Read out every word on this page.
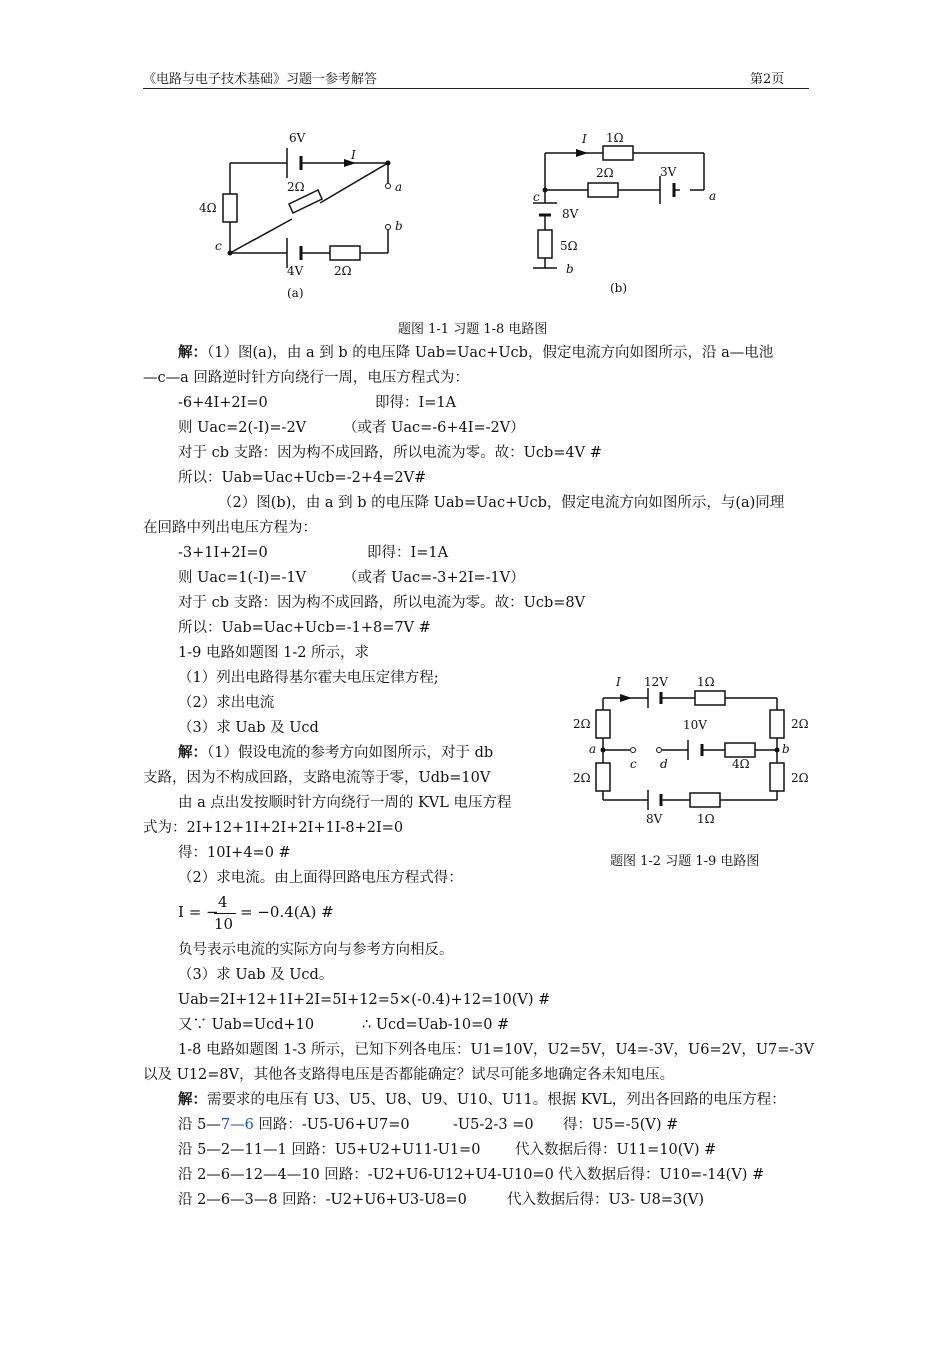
《电路与电子技术基础》习题一参考解答	第2页
6V
I
2Ω	a
4Ω
b
c
4V	2Ω
(a)
I 1Ω
2Ω	3V
a
c
8V
5Ω
b
(b)
I 12V 1Ω
2Ω	10V	2Ω
a	b
c d	4Ω
2Ω	2Ω
8V	1Ω
题图 1-1 习题 1-8 电路图
题图 1-2 习题 1-9 电路图
解：（1）图(a)，由 a 到 b 的电压降 Uab=Uac+Ucb，假定电流方向如图所示，沿 a—电池
—c—a 回路逆时针方向绕行一周，电压方程式为：
-6+4I+2I=0	即得：I=1A
则 Uac=2(-I)=-2V	（或者 Uac=-6+4I=-2V）
对于 cb 支路：因为构不成回路，所以电流为零。故：Ucb=4V #
所以：Uab=Uac+Ucb=-2+4=2V#
（2）图(b)，由 a 到 b 的电压降 Uab=Uac+Ucb，假定电流方向如图所示，与(a)同理
在回路中列出电压方程为：
-3+1I+2I=0	即得：I=1A
则 Uac=1(-I)=-1V	（或者 Uac=-3+2I=-1V）
对于 cb 支路：因为构不成回路，所以电流为零。故：Ucb=8V
所以：Uab=Uac+Ucb=-1+8=7V #
1-9 电路如题图 1-2 所示，求
（1）列出电路得基尔霍夫电压定律方程;
（2）求出电流
（3）求 Uab 及 Ucd
解：（1）假设电流的参考方向如图所示，对于 db
支路，因为不构成回路，支路电流等于零，Udb=10V
由 a 点出发按顺时针方向绕行一周的 KVL 电压方程
式为：2I+12+1I+2I+2I+1I-8+2I=0
得：10I+4=0 #
（2）求电流。由上面得回路电压方程式得：
I = −
4
10
= −0.4(A) #
负号表示电流的实际方向与参考方向相反。
（3）求 Uab 及 Ucd。
Uab=2I+12+1I+2I=5I+12=5×(-0.4)+12=10(V) #
又∵ Uab=Ucd+10	∴ Ucd=Uab-10=0 #
1-8 电路如题图 1-3 所示，已知下列各电压：U1=10V，U2=5V，U4=-3V，U6=2V，U7=-3V
以及 U12=8V，其他各支路得电压是否都能确定？试尽可能多地确定各未知电压。
解：需要求的电压有 U3、U5、U8、U9、U10、U11。根据 KVL，列出各回路的电压方程：
沿 5—7—6 回路：-U5-U6+U7=0	-U5-2-3 =0 得：U5=-5(V) #
沿 5—2—11—1 回路：U5+U2+U11-U1=0 代入数据后得：U11=10(V) #
沿 2—6—12—4—10 回路：-U2+U6-U12+U4-U10=0 代入数据后得：U10=-14(V) #
沿 2—6—3—8 回路：-U2+U6+U3-U8=0	代入数据后得：U3- U8=3(V)
